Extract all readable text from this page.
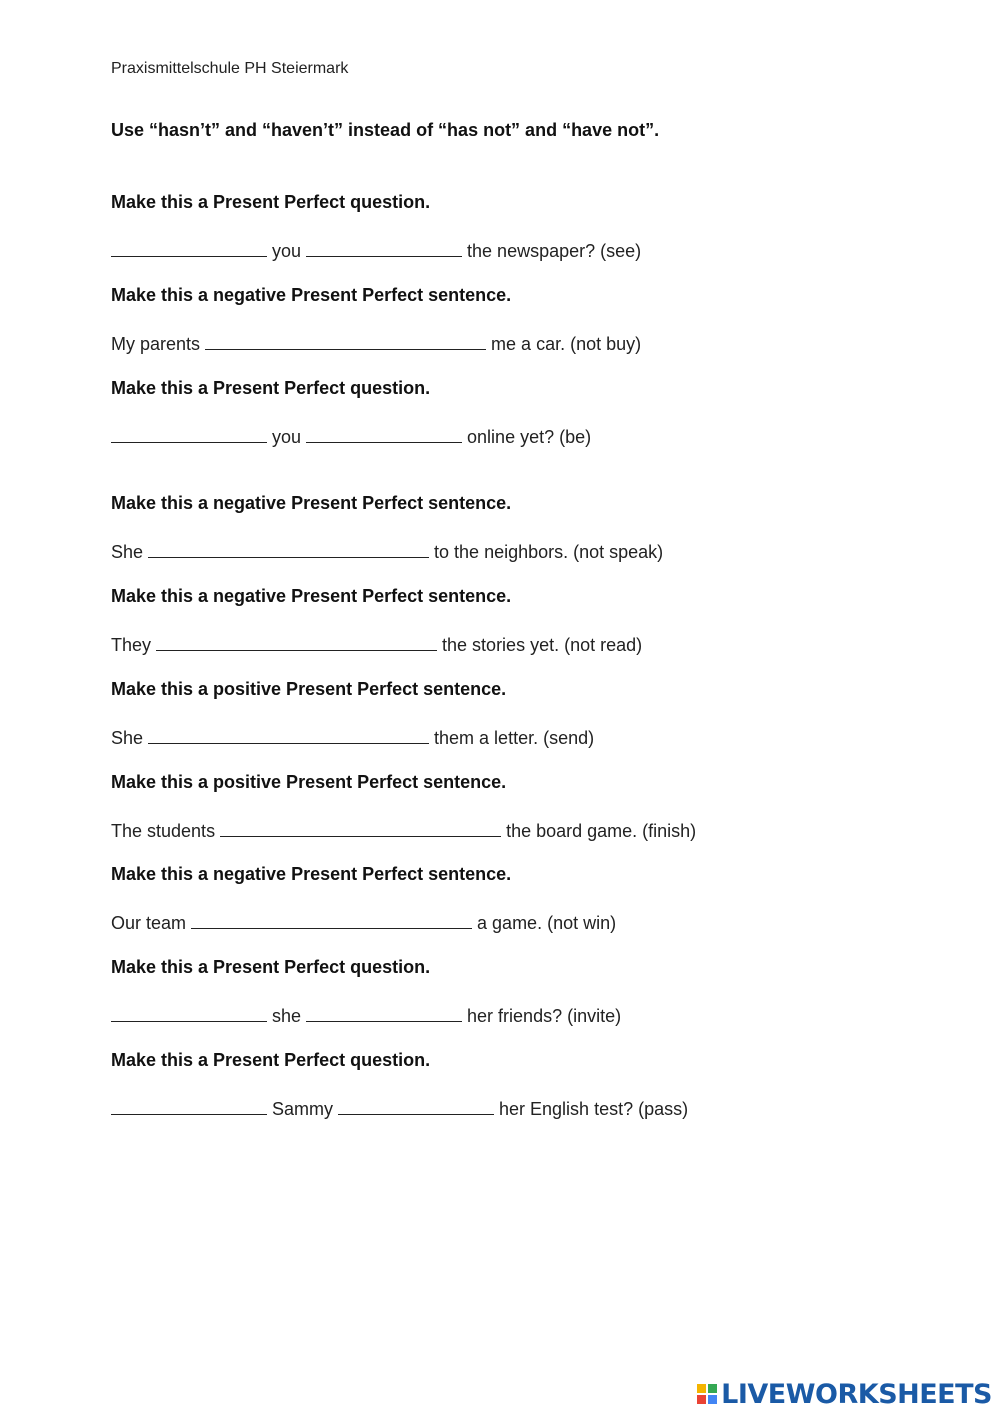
Praxismittelschule PH Steiermark
Use “hasn’t” and “haven’t” instead of “has not” and “have not”.
Make this a Present Perfect question.
you	the newspaper? (see)
Make this a negative Present Perfect sentence.
My parents	me a car. (not buy)
Make this a Present Perfect question.
you	online yet? (be)
Make this a negative Present Perfect sentence.
She	to the neighbors. (not speak)
Make this a negative Present Perfect sentence.
They	the stories yet. (not read)
Make this a positive Present Perfect sentence.
She	them a letter. (send)
Make this a positive Present Perfect sentence.
The students	the board game. (finish)
Make this a negative Present Perfect sentence.
Our team	a game. (not win)
Make this a Present Perfect question.
she	her friends? (invite)
Make this a Present Perfect question.
Sammy	her English test? (pass)
LIVEWORKSHEETS
